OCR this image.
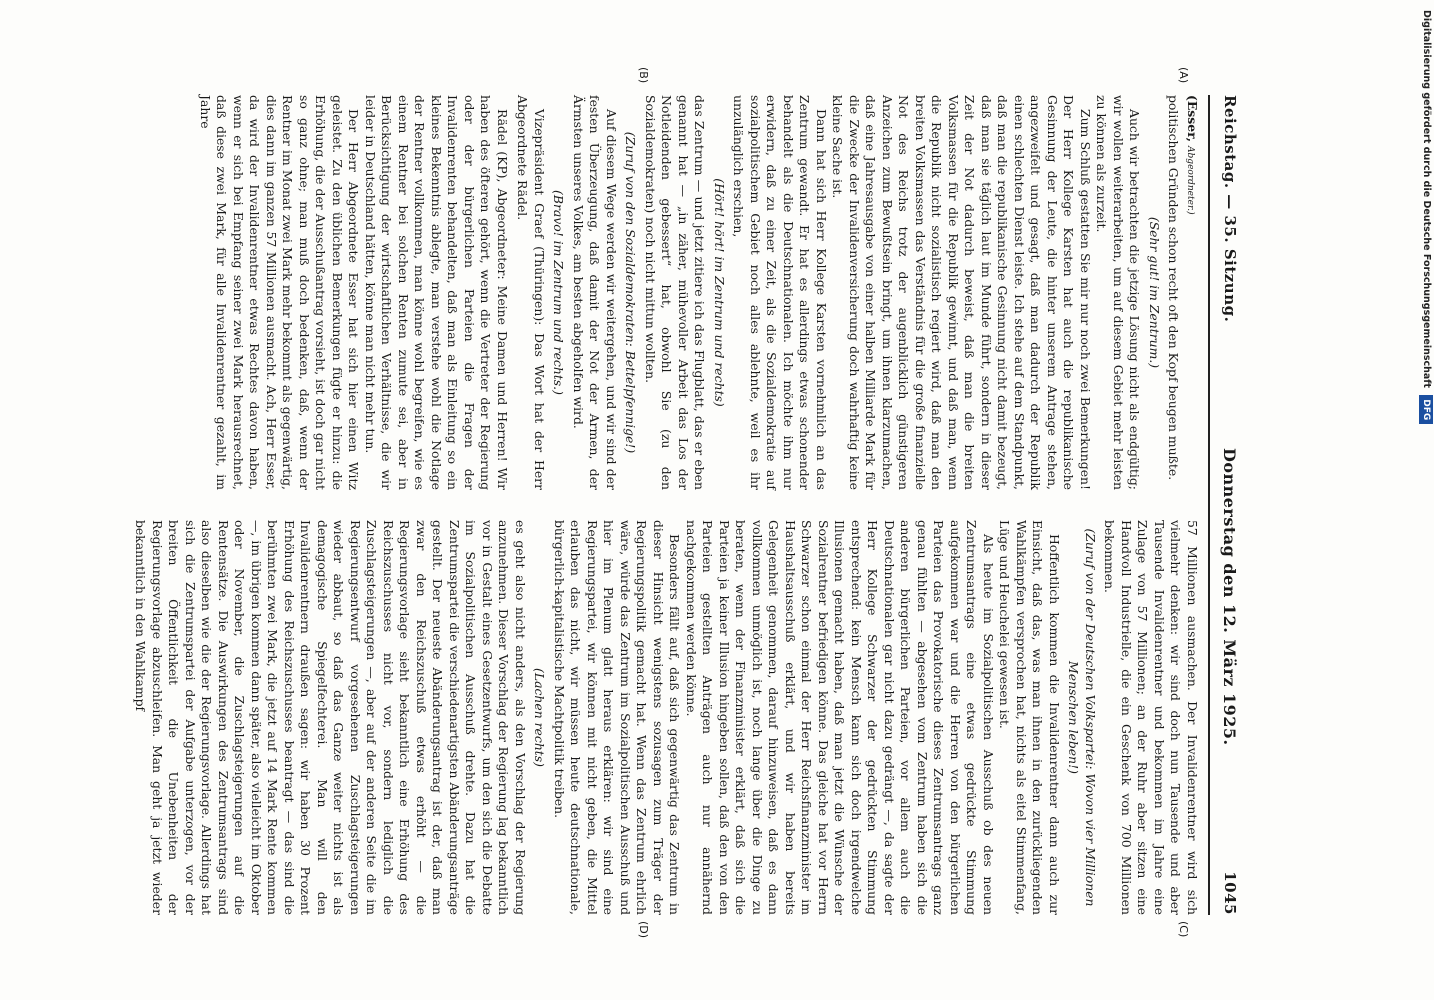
Reichstag. — 35. Sitzung.
Donnerstag den 12. März 1925.
1045

(Esser, Abgeordneter.)

politischen Gründen schon recht oft den Kopf beugen mußte.

(Sehr gut! im Zentrum.)

Auch wir betrachten die jetzige Lösung nicht als endgültig; wir wollen weiterarbeiten, um auf diesem Gebiet mehr leisten zu können als zurzeit.

Zum Schluß gestatten Sie mir nur noch zwei Bemerkungen! Der Herr Kollege Karsten hat auch die republikanische Gesinnung der Leute, die hinter unserem Antrage stehen, angezweifelt und gesagt, daß man dadurch der Republik einen schlechten Dienst leiste. Ich stehe auf dem Standpunkt, daß man die republikanische Gesinnung nicht damit bezeugt, daß man sie täglich laut im Munde führt, sondern in dieser Zeit der Not dadurch beweist, daß man die breiten Volksmassen für die Republik gewinnt, und daß man, wenn die Republik nicht sozialistisch regiert wird, daß man den breiten Volksmassen das Verständnis für die große finanzielle Not des Reichs trotz der augenblicklich günstigeren Anzeichen zum Bewußtsein bringt, um ihnen klarzumachen, daß eine Jahresausgabe von einer halben Milliarde Mark für die Zwecke der Invalidenversicherung doch wahrhaftig keine kleine Sache ist.

Dann hat sich Herr Kollege Karsten vornehmlich an das Zentrum gewandt. Er hat es allerdings etwas schonender behandelt als die Deutschnationalen. Ich möchte ihm nur erwidern, daß zu einer Zeit, als die Sozialdemokratie auf sozialpolitischem Gebiet noch alles ablehnte, weil es ihr unzulänglich erschien,

(Hört! hört! im Zentrum und rechts)

das Zentrum — und jetzt zitiere ich das Flugblatt, das er eben genannt hat — „in zäher, mühevoller Arbeit das Los der Notleidenden gebessert“ hat, obwohl Sie (zu den Sozialdemokraten) noch nicht mittun wollten.

(Zuruf von den Sozialdemokraten: Bettelpfennige!)

Auf diesem Wege werden wir weitergehen, und wir sind der festen Überzeugung, daß damit der Not der Armen, der Ärmsten unseres Volkes, am besten abgeholfen wird.

(Bravo! im Zentrum und rechts.)

Vizepräsident Graef (Thüringen): Das Wort hat der Herr Abgeordnete Rädel.

Rädel (KP), Abgeordneter: Meine Damen und Herren! Wir haben des öfteren gehört, wenn die Vertreter der Regierung oder der bürgerlichen Parteien die Fragen der Invalidenrenten behandelten, daß man als Einleitung so ein kleines Bekenntnis ablegte, man verstehe wohl die Notlage der Rentner vollkommen, man könne wohl begreifen, wie es einem Rentner bei solchen Renten zumute sei, aber in Berücksichtigung der wirtschaftlichen Verhältnisse, die wir leider in Deutschland hätten, könne man nicht mehr tun.

Der Herr Abgeordnete Esser hat sich hier einen Witz geleistet. Zu den üblichen Bemerkungen fügte er hinzu: die Erhöhung, die der Ausschußantrag vorsieht, ist doch gar nicht so ganz ohne; man muß doch bedenken, daß, wenn der Rentner im Monat zwei Mark mehr bekommt als gegenwärtig, dies dann im ganzen 57 Millionen ausmacht. Ach, Herr Esser, da wird der Invalidenrentner etwas Rechtes davon haben, wenn er sich bei Empfang seiner zwei Mark herausrechnet, daß diese zwei Mark, für alle Invalidenrentner gezahlt, im Jahre

57 Millionen ausmachen. Der Invalidenrentner wird sich vielmehr denken: wir sind doch nun Tausende und aber Tausende Invalidenrentner und bekommen im Jahre eine Zulage von 57 Millionen; an der Ruhr aber sitzen eine Handvoll Industrielle, die ein Geschenk von 700 Millionen bekommen.

(Zuruf von der Deutschen Volkspartei: Wovon vier Millionen Menschen leben!)

Hoffentlich kommen die Invalidenrentner dann auch zur Einsicht, daß das, was man ihnen in den zurückliegenden Wahlkämpfen versprochen hat, nichts als eitel Stimmenfang, Lüge und Heuchelei gewesen ist.

Als heute im Sozialpolitischen Ausschuß ob des neuen Zentrumsantrags eine etwas gedrückte Stimmung aufgekommen war und die Herren von den bürgerlichen Parteien das Provokatorische dieses Zentrumsantrags ganz genau fühlten — abgesehen vom Zentrum haben sich die anderen bürgerlichen Parteien, vor allem auch die Deutschnationalen gar nicht dazu gedrängt —, da sagte der Herr Kollege Schwarzer der gedrückten Stimmung entsprechend: kein Mensch kann sich doch irgendwelche Illusionen gemacht haben, daß man jetzt die Wünsche der Sozialrentner befriedigen könne. Das gleiche hat vor Herrn Schwarzer schon einmal der Herr Reichsfinanzminister im Haushaltsausschuß erklärt, und wir haben bereits Gelegenheit genommen, darauf hinzuweisen, daß es dann vollkommen unmöglich ist, noch lange über die Dinge zu beraten, wenn der Finanzminister erklärt, daß sich die Parteien ja keiner Illusion hingeben sollen, daß den von den Parteien gestellten Anträgen auch nur annähernd nachgekommen werden könne.

Besonders fällt auf, daß sich gegenwärtig das Zentrum in dieser Hinsicht wenigstens sozusagen zum Träger der Regierungspolitik gemacht hat. Wenn das Zentrum ehrlich wäre, würde das Zentrum im Sozialpolitischen Ausschuß und hier im Plenum glatt heraus erklären: wir sind eine Regierungspartei, wir können mit nicht geben, die Mittel erlauben das nicht, wir müssen heute deutschnationale, bürgerlich-kapitalistische Machtpolitik treiben.

(Lachen rechts)

es geht also nicht anders, als den Vorschlag der Regierung anzunehmen. Dieser Vorschlag der Regierung lag bekanntlich vor in Gestalt eines Gesetzentwurfs, um den sich die Debatte im Sozialpolitischen Ausschuß drehte. Dazu hat die Zentrumspartei die verschiedenartigsten Abänderungsanträge gestellt. Der neueste Abänderungsantrag ist der, daß man zwar den Reichszuschuß etwas erhöht — die Regierungsvorlage sieht bekanntlich eine Erhöhung des Reichszuschusses nicht vor, sondern lediglich die Zuschlagsteigerungen —, aber auf der anderen Seite die im Regierungsentwurf vorgesehenen Zuschlagsteigerungen wieder abbaut, so daß das Ganze weiter nichts ist als demagogische Spiegelfechterei. Man will den Invalidenrentnern draußen sagen: wir haben 30 Prozent Erhöhung des Reichszuschusses beantragt — das sind die berühmten zwei Mark, die jetzt auf 14 Mark Rente kommen —, im übrigen kommen dann später, also vielleicht im Oktober oder November, die Zuschlagsteigerungen auf die Rentensätze. Die Auswirkungen des Zentrumsantrags sind also dieselben wie die der Regierungsvorlage. Allerdings hat sich die Zentrumspartei der Aufgabe unterzogen, vor der breiten Öffentlichkeit die Unebenheiten der Regierungsvorlage abzuschleifen. Man geht ja jetzt wieder bekanntlich in den Wahlkampf

(A)
(B)
(C)
(D)
Digitalisierung gefördert durch die Deutsche Forschungsgemeinschaft DFG
